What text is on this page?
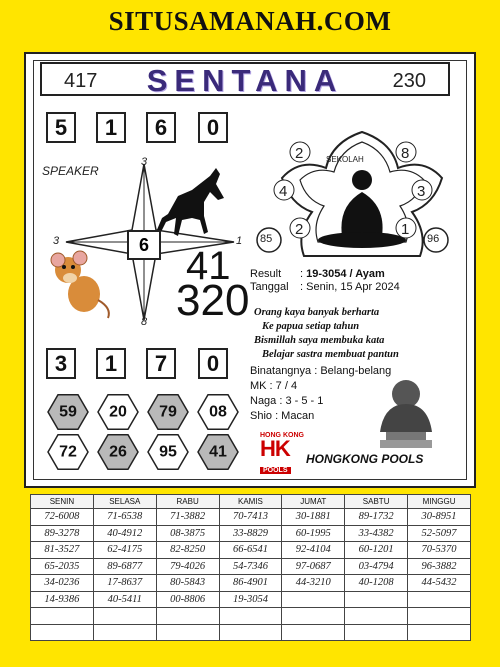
SITUSAMANAH.COM
417	SENTANA	230
5	1	6	0
SPEAKER
3
3	1
8
6 41
320
SEKOLAH
2	8
4	3
2	1
85	96
Result : 19-3054 / Ayam
Tanggal : Senin, 15 Apr 2024
Orang kaya banyak berharta
Ke papua setiap tahun
Bismillah saya membuka kata
Belajar sastra membuat pantun
Binatangnya : Belang-belang
MK : 7 / 4
Naga : 3 - 5 - 1
Shio : Macan
3	1	7	0
59 20 79 08
72 26 95 41
HONG KONG
HK
POOLS
HONGKONG POOLS
SENIN	SELASA	RABU	KAMIS	JUMAT	SABTU	MINGGU
72-6008	71-6538	71-3882	70-7413	30-1881	89-1732	30-8951
89-3278	40-4912	08-3875	33-8829	60-1995	33-4382	52-5097
81-3527	62-4175	82-8250	66-6541	92-4104	60-1201	70-5370
65-2035	89-6877	79-4026	54-7346	97-0687	03-4794	96-3882
34-0236	17-8637	80-5843	86-4901	44-3210	40-1208	44-5432
14-9386	40-5411	00-8806	19-3054			
